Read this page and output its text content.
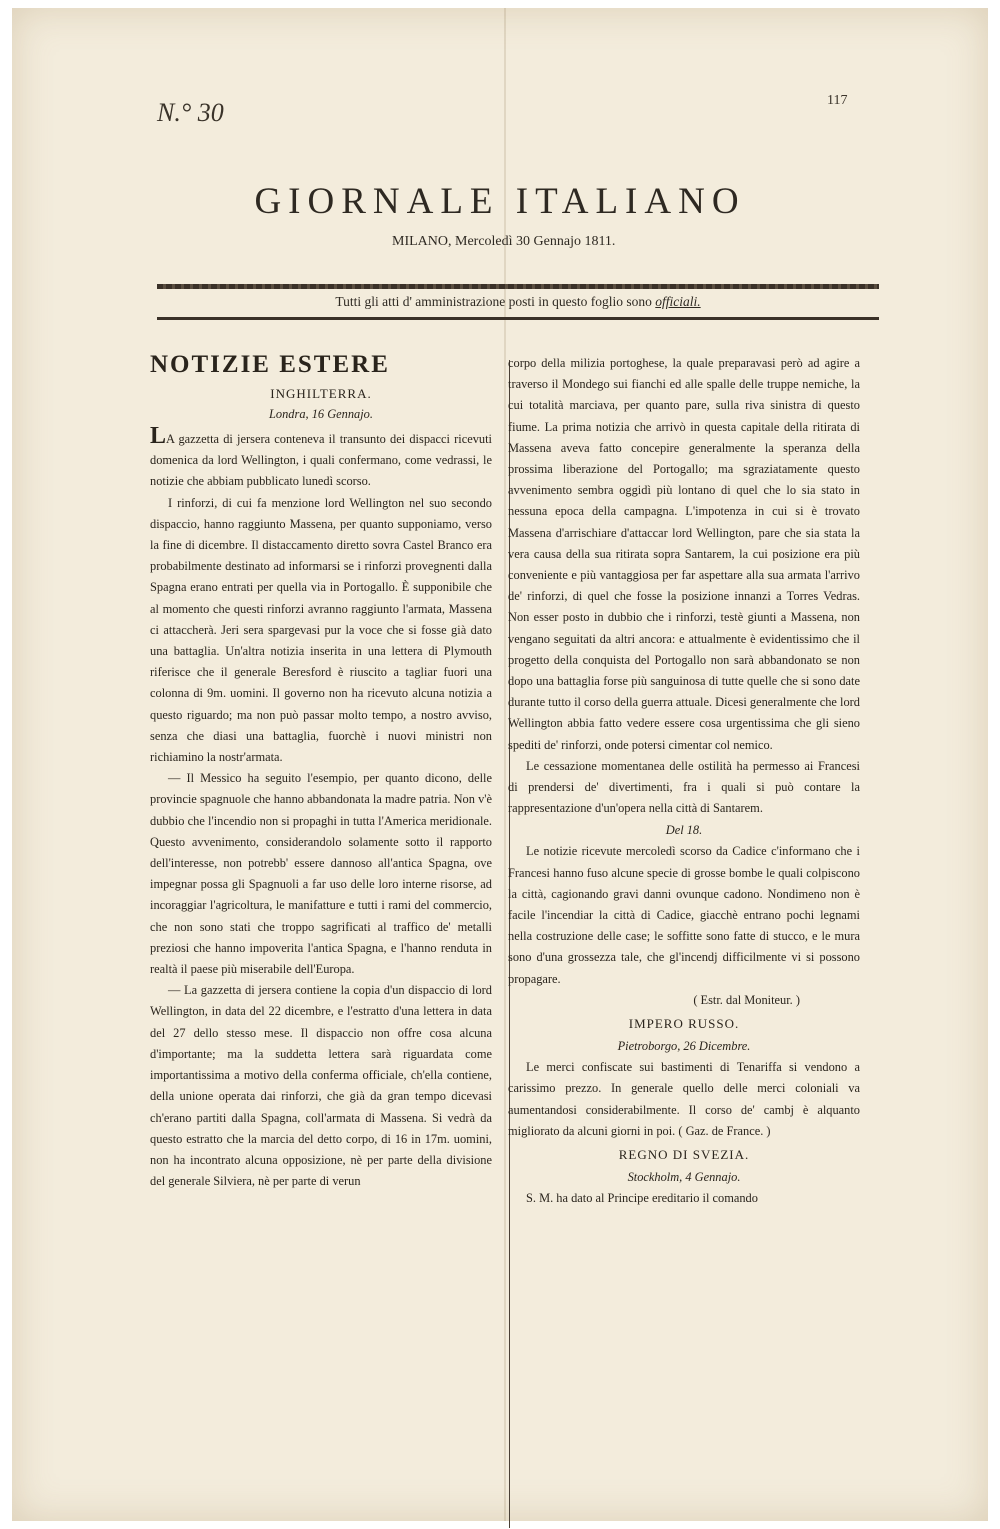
N.° 30	117
GIORNALE ITALIANO
MILANO, Mercoledì 30 Gennajo 1811.
Tutti gli atti d' amministrazione posti in questo foglio sono officiali.
NOTIZIE ESTERE
INGHILTERRA.
Londra, 16 Gennajo.

LA gazzetta di jersera conteneva il transunto dei dispacci ricevuti domenica da lord Wellington, i quali confermano, come vedrassi, le notizie che abbiam pubblicato lunedì scorso.

I rinforzi, di cui fa menzione lord Wellington nel suo secondo dispaccio, hanno raggiunto Massena, per quanto supponiamo, verso la fine di dicembre. Il distaccamento diretto sovra Castel Branco era probabilmente destinato ad informarsi se i rinforzi provegnenti dalla Spagna erano entrati per quella via in Portogallo. È supponibile che al momento che questi rinforzi avranno raggiunto l'armata, Massena ci attaccherà. Jeri sera spargevasi pur la voce che si fosse già dato una battaglia. Un'altra notizia inserita in una lettera di Plymouth riferisce che il generale Beresford è riuscito a tagliar fuori una colonna di 9m. uomini. Il governo non ha ricevuto alcuna notizia a questo riguardo; ma non può passar molto tempo, a nostro avviso, senza che diasi una battaglia, fuorchè i nuovi ministri non richiamino la nostr'armata.

— Il Messico ha seguito l'esempio, per quanto dicono, delle provincie spagnuole che hanno abbandonata la madre patria. Non v'è dubbio che l'incendio non si propaghi in tutta l'America meridionale. Questo avvenimento, considerandolo solamente sotto il rapporto dell'interesse, non potrebb' essere dannoso all'antica Spagna, ove impegnar possa gli Spagnuoli a far uso delle loro interne risorse, ad incoraggiar l'agricoltura, le manifatture e tutti i rami del commercio, che non sono stati che troppo sagrificati al traffico de' metalli preziosi che hanno impoverita l'antica Spagna, e l'hanno renduta in realtà il paese più miserabile dell'Europa.

— La gazzetta di jersera contiene la copia d'un dispaccio di lord Wellington, in data del 22 dicembre, e l'estratto d'una lettera in data del 27 dello stesso mese. Il dispaccio non offre cosa alcuna d'importante; ma la suddetta lettera sarà riguardata come importantissima a motivo della conferma officiale, ch'ella contiene, della unione operata dai rinforzi, che già da gran tempo dicevasi ch'erano partiti dalla Spagna, coll'armata di Massena. Si vedrà da questo estratto che la marcia del detto corpo, di 16 in 17m. uomini, non ha incontrato alcuna opposizione, nè per parte della divisione del generale Silviera, nè per parte di verun

corpo della milizia portoghese, la quale preparavasi però ad agire a traverso il Mondego sui fianchi ed alle spalle delle truppe nemiche, la cui totalità marciava, per quanto pare, sulla riva sinistra di questo fiume. La prima notizia che arrivò in questa capitale della ritirata di Massena aveva fatto concepire generalmente la speranza della prossima liberazione del Portogallo; ma sgraziatamente questo avvenimento sembra oggidì più lontano di quel che lo sia stato in nessuna epoca della campagna. L'impotenza in cui si è trovato Massena d'arrischiare d'attaccar lord Wellington, pare che sia stata la vera causa della sua ritirata sopra Santarem, la cui posizione era più conveniente e più vantaggiosa per far aspettare alla sua armata l'arrivo de' rinforzi, di quel che fosse la posizione innanzi a Torres Vedras. Non esser posto in dubbio che i rinforzi, testè giunti a Massena, non vengano seguitati da altri ancora: e attualmente è evidentissimo che il progetto della conquista del Portogallo non sarà abbandonato se non dopo una battaglia forse più sanguinosa di tutte quelle che si sono date durante tutto il corso della guerra attuale. Dicesi generalmente che lord Wellington abbia fatto vedere essere cosa urgentissima che gli sieno spediti de' rinforzi, onde potersi cimentar col nemico.

Le cessazione momentanea delle ostilità ha permesso ai Francesi di prendersi de' divertimenti, fra i quali si può contare la rappresentazione d'un'opera nella città di Santarem.

Del 18.

Le notizie ricevute mercoledì scorso da Cadice c'informano che i Francesi hanno fuso alcune specie di grosse bombe le quali colpiscono la città, cagionando gravi danni ovunque cadono. Nondimeno non è facile l'incendiar la città di Cadice, giacchè entrano pochi legnami nella costruzione delle case; le soffitte sono fatte di stucco, e le mura sono d'una grossezza tale, che gl'incendj difficilmente vi si possono propagare.

( Estr. dal Moniteur. )

IMPERO RUSSO.
Pietroborgo, 26 Dicembre.

Le merci confiscate sui bastimenti di Tenariffa si vendono a carissimo prezzo. In generale quello delle merci coloniali va aumentandosi considerabilmente. Il corso de' cambj è alquanto migliorato da alcuni giorni in poi. ( Gaz. de France. )

REGNO DI SVEZIA.
Stockholm, 4 Gennajo.

S. M. ha dato al Principe ereditario il comando
